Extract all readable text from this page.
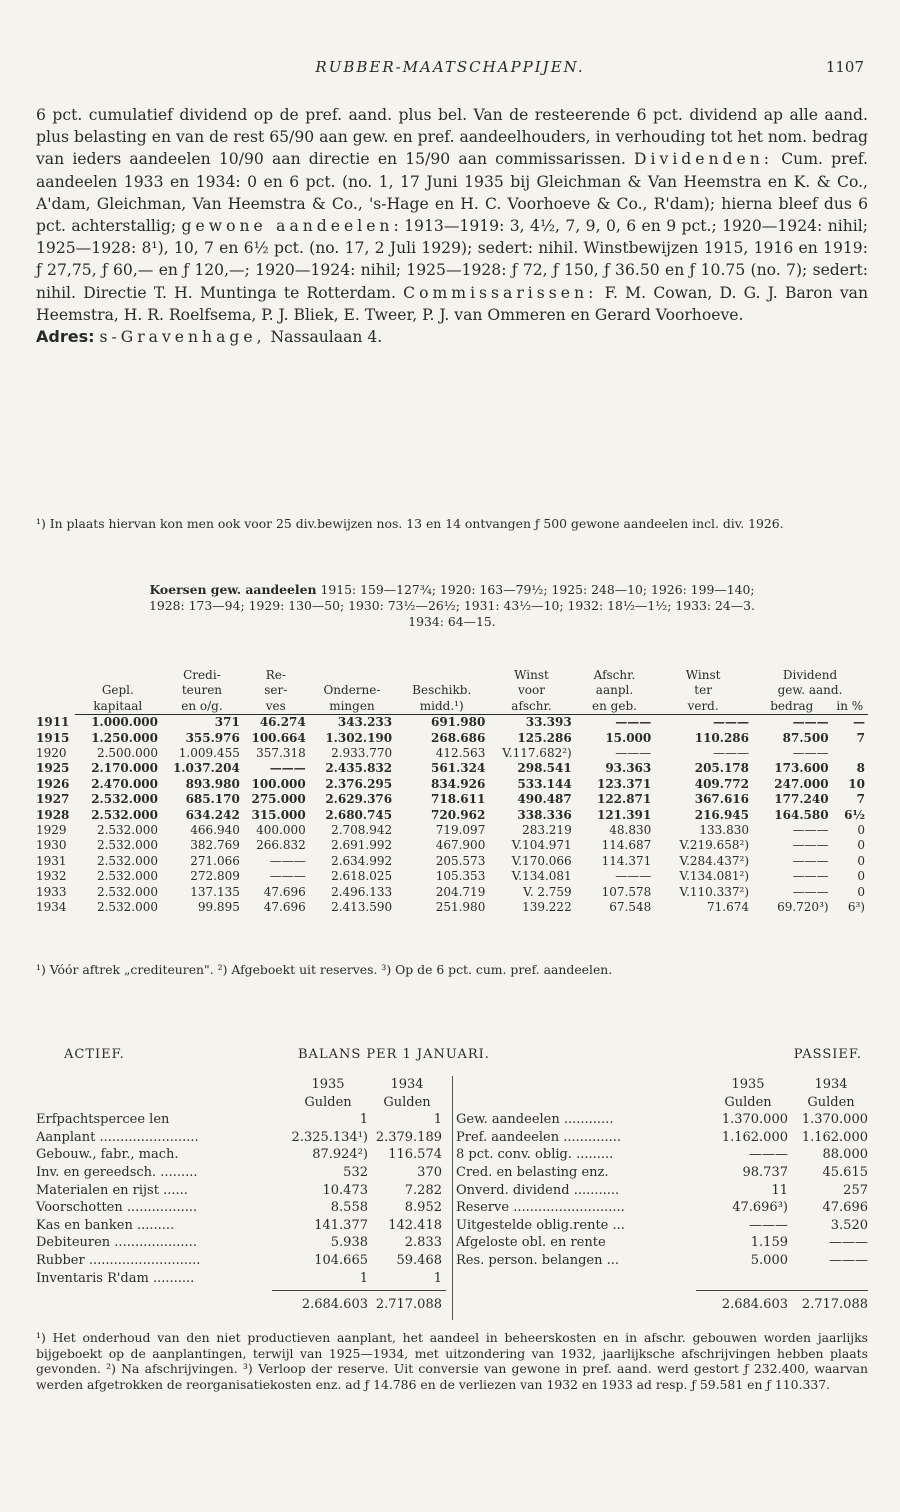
RUBBER-MAATSCHAPPIJEN.	1107
6 pct. cumulatief dividend op de pref. aand. plus bel. Van de resteerende 6 pct. dividend ap alle aand. plus belasting en van de rest 65/90 aan gew. en pref. aandeelhouders, in verhouding tot het nom. bedrag van ieders aandeelen 10/90 aan directie en 15/90 aan commissarissen. Dividenden: Cum. pref. aandeelen 1933 en 1934: 0 en 6 pct. (no. 1, 17 Juni 1935 bij Gleichman & Van Heemstra en K. & Co., A'dam, Gleichman, Van Heemstra & Co., 's-Hage en H. C. Voorhoeve & Co., R'dam); hierna bleef dus 6 pct. achterstallig; gewone aandeelen: 1913—1919: 3, 4½, 7, 9, 0, 6 en 9 pct.; 1920—1924: nihil; 1925—1928: 8¹), 10, 7 en 6½ pct. (no. 17, 2 Juli 1929); sedert: nihil. Winstbewijzen 1915, 1916 en 1919: ƒ 27,75, ƒ 60,— en ƒ 120,—; 1920—1924: nihil; 1925—1928: ƒ 72, ƒ 150, ƒ 36.50 en ƒ 10.75 (no. 7); sedert: nihil. Directie T. H. Muntinga te Rotterdam. Commissarissen: F. M. Cowan, D. G. J. Baron van Heemstra, H. R. Roelfsema, P. J. Bliek, E. Tweer, P. J. van Ommeren en Gerard Voorhoeve.
Adres: s-Gravenhage, Nassaulaan 4.
¹) In plaats hiervan kon men ook voor 25 div.bewijzen nos. 13 en 14 ontvangen ƒ 500 gewone aandeelen incl. div. 1926.
Koersen gew. aandeelen 1915: 159—127¾; 1920: 163—79½; 1925: 248—10; 1926: 199—140;
1928: 173—94; 1929: 130—50; 1930: 73½—26½; 1931: 43½—10; 1932: 18½—1½; 1933: 24—3.
1934: 64—15.
		Credi-	Re-			Winst	Afschr.	Winst	Dividend	
	Gepl.	teuren	ser-	Onderne-	Beschikb.	voor	aanpl.	ter	gew. aand.	
	kapitaal	en o/g.	ves	mingen	midd.¹)	afschr.	en geb.	verd.	bedrag	in %
1911	1.000.000	371	46.274	343.233	691.980	33.393	———	———	———	—
1915	1.250.000	355.976	100.664	1.302.190	268.686	125.286	15.000	110.286	87.500	7
1920	2.500.000	1.009.455	357.318	2.933.770	412.563	V.117.682²)	———	———	———	
1925	2.170.000	1.037.204	———	2.435.832	561.324	298.541	93.363	205.178	173.600	8
1926	2.470.000	893.980	100.000	2.376.295	834.926	533.144	123.371	409.772	247.000	10
1927	2.532.000	685.170	275.000	2.629.376	718.611	490.487	122.871	367.616	177.240	7
1928	2.532.000	634.242	315.000	2.680.745	720.962	338.336	121.391	216.945	164.580	6½
1929	2.532.000	466.940	400.000	2.708.942	719.097	283.219	48.830	133.830	———	0
1930	2.532.000	382.769	266.832	2.691.992	467.900	V.104.971	114.687	V.219.658²)	———	0
1931	2.532.000	271.066	———	2.634.992	205.573	V.170.066	114.371	V.284.437²)	———	0
1932	2.532.000	272.809	———	2.618.025	105.353	V.134.081	———	V.134.081²)	———	0
1933	2.532.000	137.135	47.696	2.496.133	204.719	V. 2.759	107.578	V.110.337²)	———	0
1934	2.532.000	99.895	47.696	2.413.590	251.980	139.222	67.548	71.674	69.720³)	6³)
¹) Vóór aftrek „crediteuren". ²) Afgeboekt uit reserves. ³) Op de 6 pct. cum. pref. aandeelen.
ACTIEF.	BALANS PER 1 JANUARI.	PASSIEF.
1935	1934
Gulden	Gulden
Erfpachtspercee len	1	1
Aanplant ........................	2.325.134¹) 2.379.189
Gebouw., fabr., mach.	87.924²)	116.574
Inv. en gereedsch. .........	532	370
Materialen en rijst ......	10.473	7.282
Voorschotten .................	8.558	8.952
Kas en banken .........	141.377	142.418
Debiteuren ....................	5.938	2.833
Rubber ...........................	104.665	59.468
Inventaris R'dam ..........	1	1
2.684.603 2.717.088
1935	1934
Gulden	Gulden
Gew. aandeelen ............	1.370.000	1.370.000
Pref. aandeelen ..............	1.162.000	1.162.000
8 pct. conv. oblig. .........	———	88.000
Cred. en belasting enz.	98.737	45.615
Onverd. dividend ...........	11	257
Reserve ...........................	47.696³)	47.696
Uitgestelde oblig.rente ...	———	3.520
Afgeloste obl. en rente	1.159	———
Res. person. belangen ...	5.000	———
2.684.603	2.717.088
¹) Het onderhoud van den niet productieven aanplant, het aandeel in beheerskosten en in afschr. gebouwen worden jaarlijks bijgeboekt op de aanplantingen, terwijl van 1925—1934, met uitzondering van 1932, jaarlijksche afschrijvingen hebben plaats gevonden. ²) Na afschrijvingen. ³) Verloop der reserve. Uit conversie van gewone in pref. aand. werd gestort ƒ 232.400, waarvan werden afgetrokken de reorganisatiekosten enz. ad ƒ 14.786 en de verliezen van 1932 en 1933 ad resp. ƒ 59.581 en ƒ 110.337.
